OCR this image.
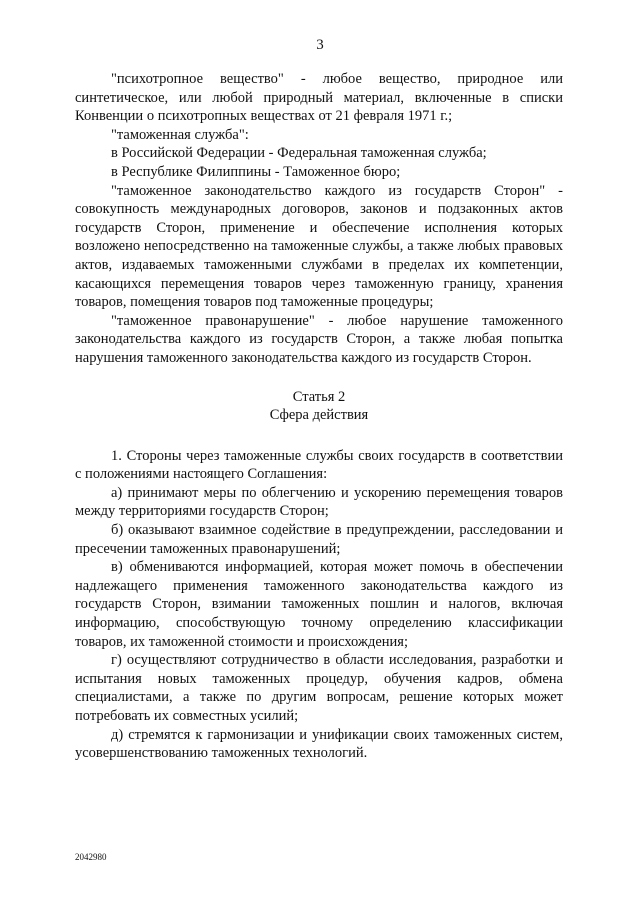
3

"психотропное вещество" - любое вещество, природное или синтетическое, или любой природный материал, включенные в списки Конвенции о психотропных веществах от 21 февраля 1971 г.;

"таможенная служба":

в Российской Федерации - Федеральная таможенная служба;

в Республике Филиппины - Таможенное бюро;

"таможенное законодательство каждого из государств Сторон" - совокупность международных договоров, законов и подзаконных актов государств Сторон, применение и обеспечение исполнения которых возложено непосредственно на таможенные службы, а также любых правовых актов, издаваемых таможенными службами в пределах их компетенции, касающихся перемещения товаров через таможенную границу, хранения товаров, помещения товаров под таможенные процедуры;

"таможенное правонарушение" - любое нарушение таможенного законодательства каждого из государств Сторон, а также любая попытка нарушения таможенного законодательства каждого из государств Сторон.

Статья 2

Сфера действия

1. Стороны через таможенные службы своих государств в соответствии с положениями настоящего Соглашения:

а) принимают меры по облегчению и ускорению перемещения товаров между территориями государств Сторон;

б) оказывают взаимное содействие в предупреждении, расследовании и пресечении таможенных правонарушений;

в) обмениваются информацией, которая может помочь в обеспечении надлежащего применения таможенного законодательства каждого из государств Сторон, взимании таможенных пошлин и налогов, включая информацию, способствующую точному определению классификации товаров, их таможенной стоимости и происхождения;

г) осуществляют сотрудничество в области исследования, разработки и испытания новых таможенных процедур, обучения кадров, обмена специалистами, а также по другим вопросам, решение которых может потребовать их совместных усилий;

д) стремятся к гармонизации и унификации своих таможенных систем, усовершенствованию таможенных технологий.

2042980
